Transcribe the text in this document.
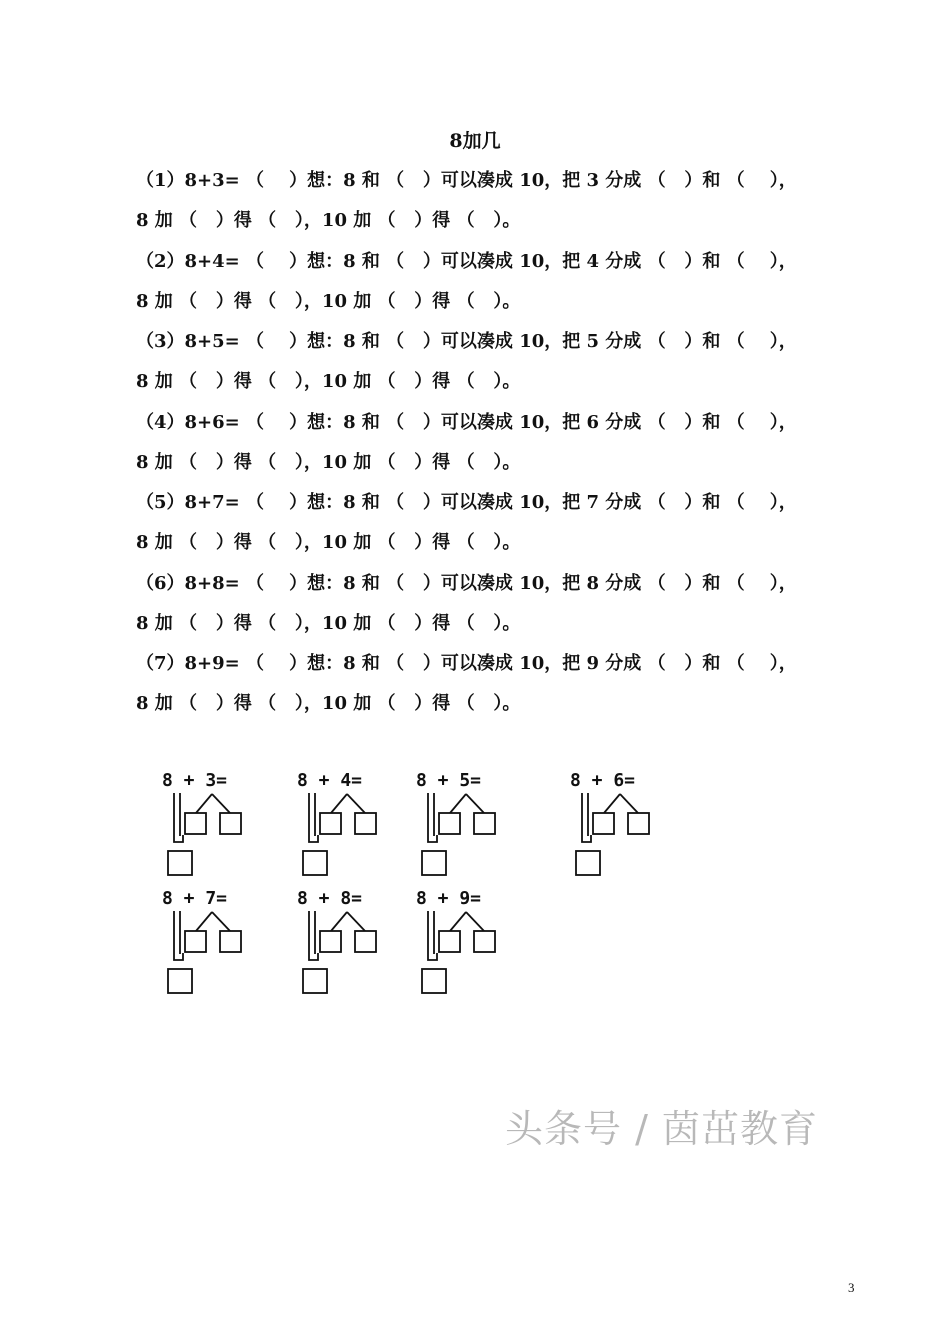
8加几
（1）8+3= （    ）想：8 和 （   ）可以凑成 10，把 3 分成 （   ）和 （    ），
8 加 （   ）得 （   ），10 加 （   ）得 （   ）。
（2）8+4= （    ）想：8 和 （   ）可以凑成 10，把 4 分成 （   ）和 （    ），
8 加 （   ）得 （   ），10 加 （   ）得 （   ）。
（3）8+5= （    ）想：8 和 （   ）可以凑成 10，把 5 分成 （   ）和 （    ），
8 加 （   ）得 （   ），10 加 （   ）得 （   ）。
（4）8+6= （    ）想：8 和 （   ）可以凑成 10，把 6 分成 （   ）和 （    ），
8 加 （   ）得 （   ），10 加 （   ）得 （   ）。
（5）8+7= （    ）想：8 和 （   ）可以凑成 10，把 7 分成 （   ）和 （    ），
8 加 （   ）得 （   ），10 加 （   ）得 （   ）。
（6）8+8= （    ）想：8 和 （   ）可以凑成 10，把 8 分成 （   ）和 （    ），
8 加 （   ）得 （   ），10 加 （   ）得 （   ）。
（7）8+9= （    ）想：8 和 （   ）可以凑成 10，把 9 分成 （   ）和 （    ），
8 加 （   ）得 （   ），10 加 （   ）得 （   ）。
8 + 3=	8 + 4=	8 + 5=	8 + 6=
8 + 7=	8 + 8=	8 + 9=
头条号 / 茵茁教育
3
